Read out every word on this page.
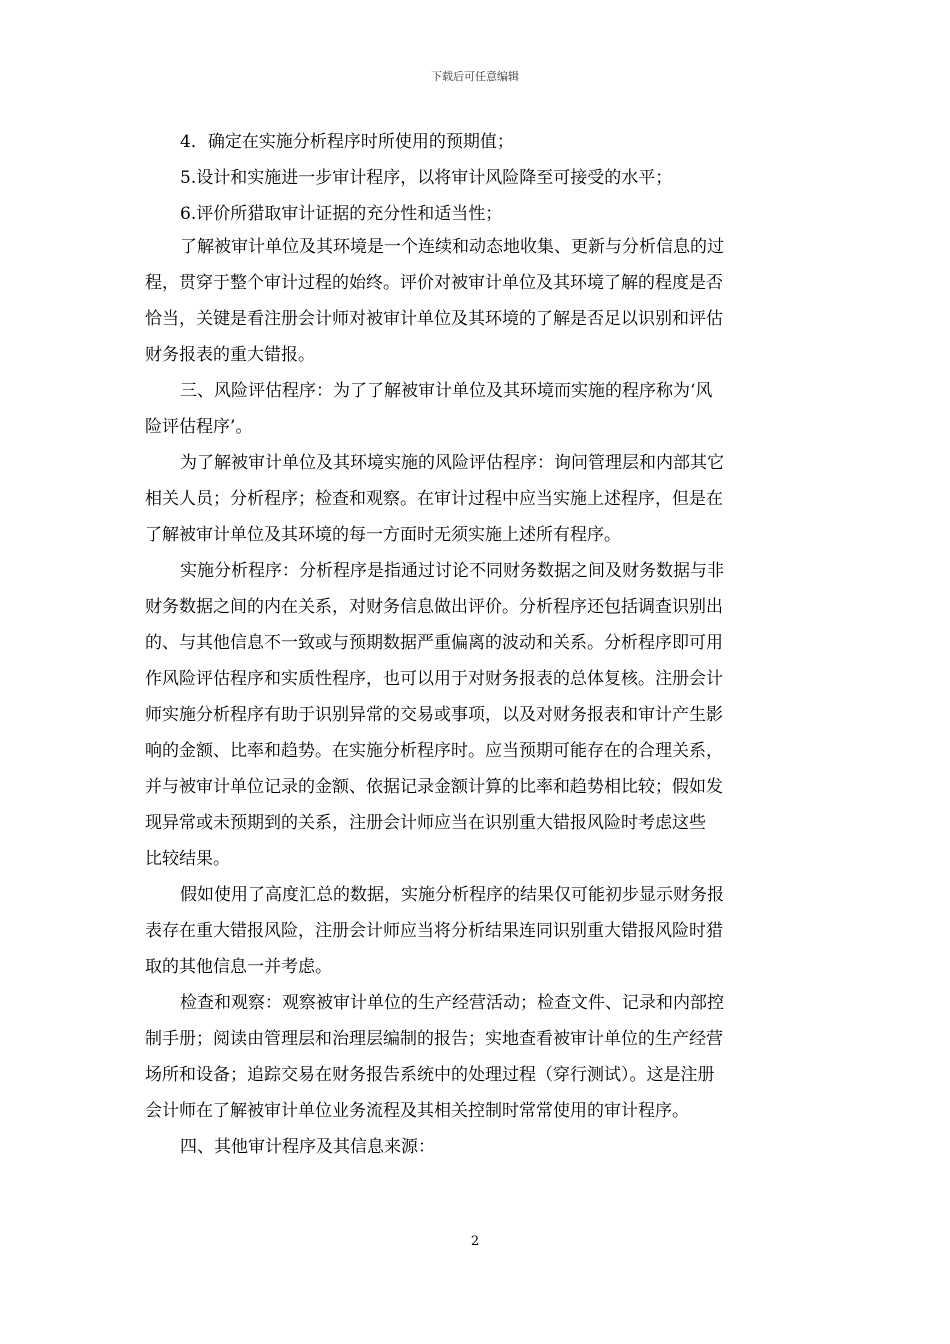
下载后可任意编辑
4．确定在实施分析程序时所使用的预期值；
5.设计和实施进一步审计程序，以将审计风险降至可接受的水平；
6.评价所猎取审计证据的充分性和适当性；
了解被审计单位及其环境是一个连续和动态地收集、更新与分析信息的过
程，贯穿于整个审计过程的始终。评价对被审计单位及其环境了解的程度是否
恰当，关键是看注册会计师对被审计单位及其环境的了解是否足以识别和评估
财务报表的重大错报。
三、风险评估程序：为了了解被审计单位及其环境而实施的程序称为‘风
险评估程序’。
为了解被审计单位及其环境实施的风险评估程序：询问管理层和内部其它
相关人员；分析程序；检查和观察。在审计过程中应当实施上述程序，但是在
了解被审计单位及其环境的每一方面时无须实施上述所有程序。
实施分析程序：分析程序是指通过讨论不同财务数据之间及财务数据与非
财务数据之间的内在关系，对财务信息做出评价。分析程序还包括调查识别出
的、与其他信息不一致或与预期数据严重偏离的波动和关系。分析程序即可用
作风险评估程序和实质性程序，也可以用于对财务报表的总体复核。注册会计
师实施分析程序有助于识别异常的交易或事项，以及对财务报表和审计产生影
响的金额、比率和趋势。在实施分析程序时。应当预期可能存在的合理关系，
并与被审计单位记录的金额、依据记录金额计算的比率和趋势相比较；假如发
现异常或未预期到的关系，注册会计师应当在识别重大错报风险时考虑这些
比较结果。
假如使用了高度汇总的数据，实施分析程序的结果仅可能初步显示财务报
表存在重大错报风险，注册会计师应当将分析结果连同识别重大错报风险时猎
取的其他信息一并考虑。
检查和观察：观察被审计单位的生产经营活动；检查文件、记录和内部控
制手册；阅读由管理层和治理层编制的报告；实地查看被审计单位的生产经营
场所和设备；追踪交易在财务报告系统中的处理过程（穿行测试）。这是注册
会计师在了解被审计单位业务流程及其相关控制时常常使用的审计程序。
四、其他审计程序及其信息来源：
2
